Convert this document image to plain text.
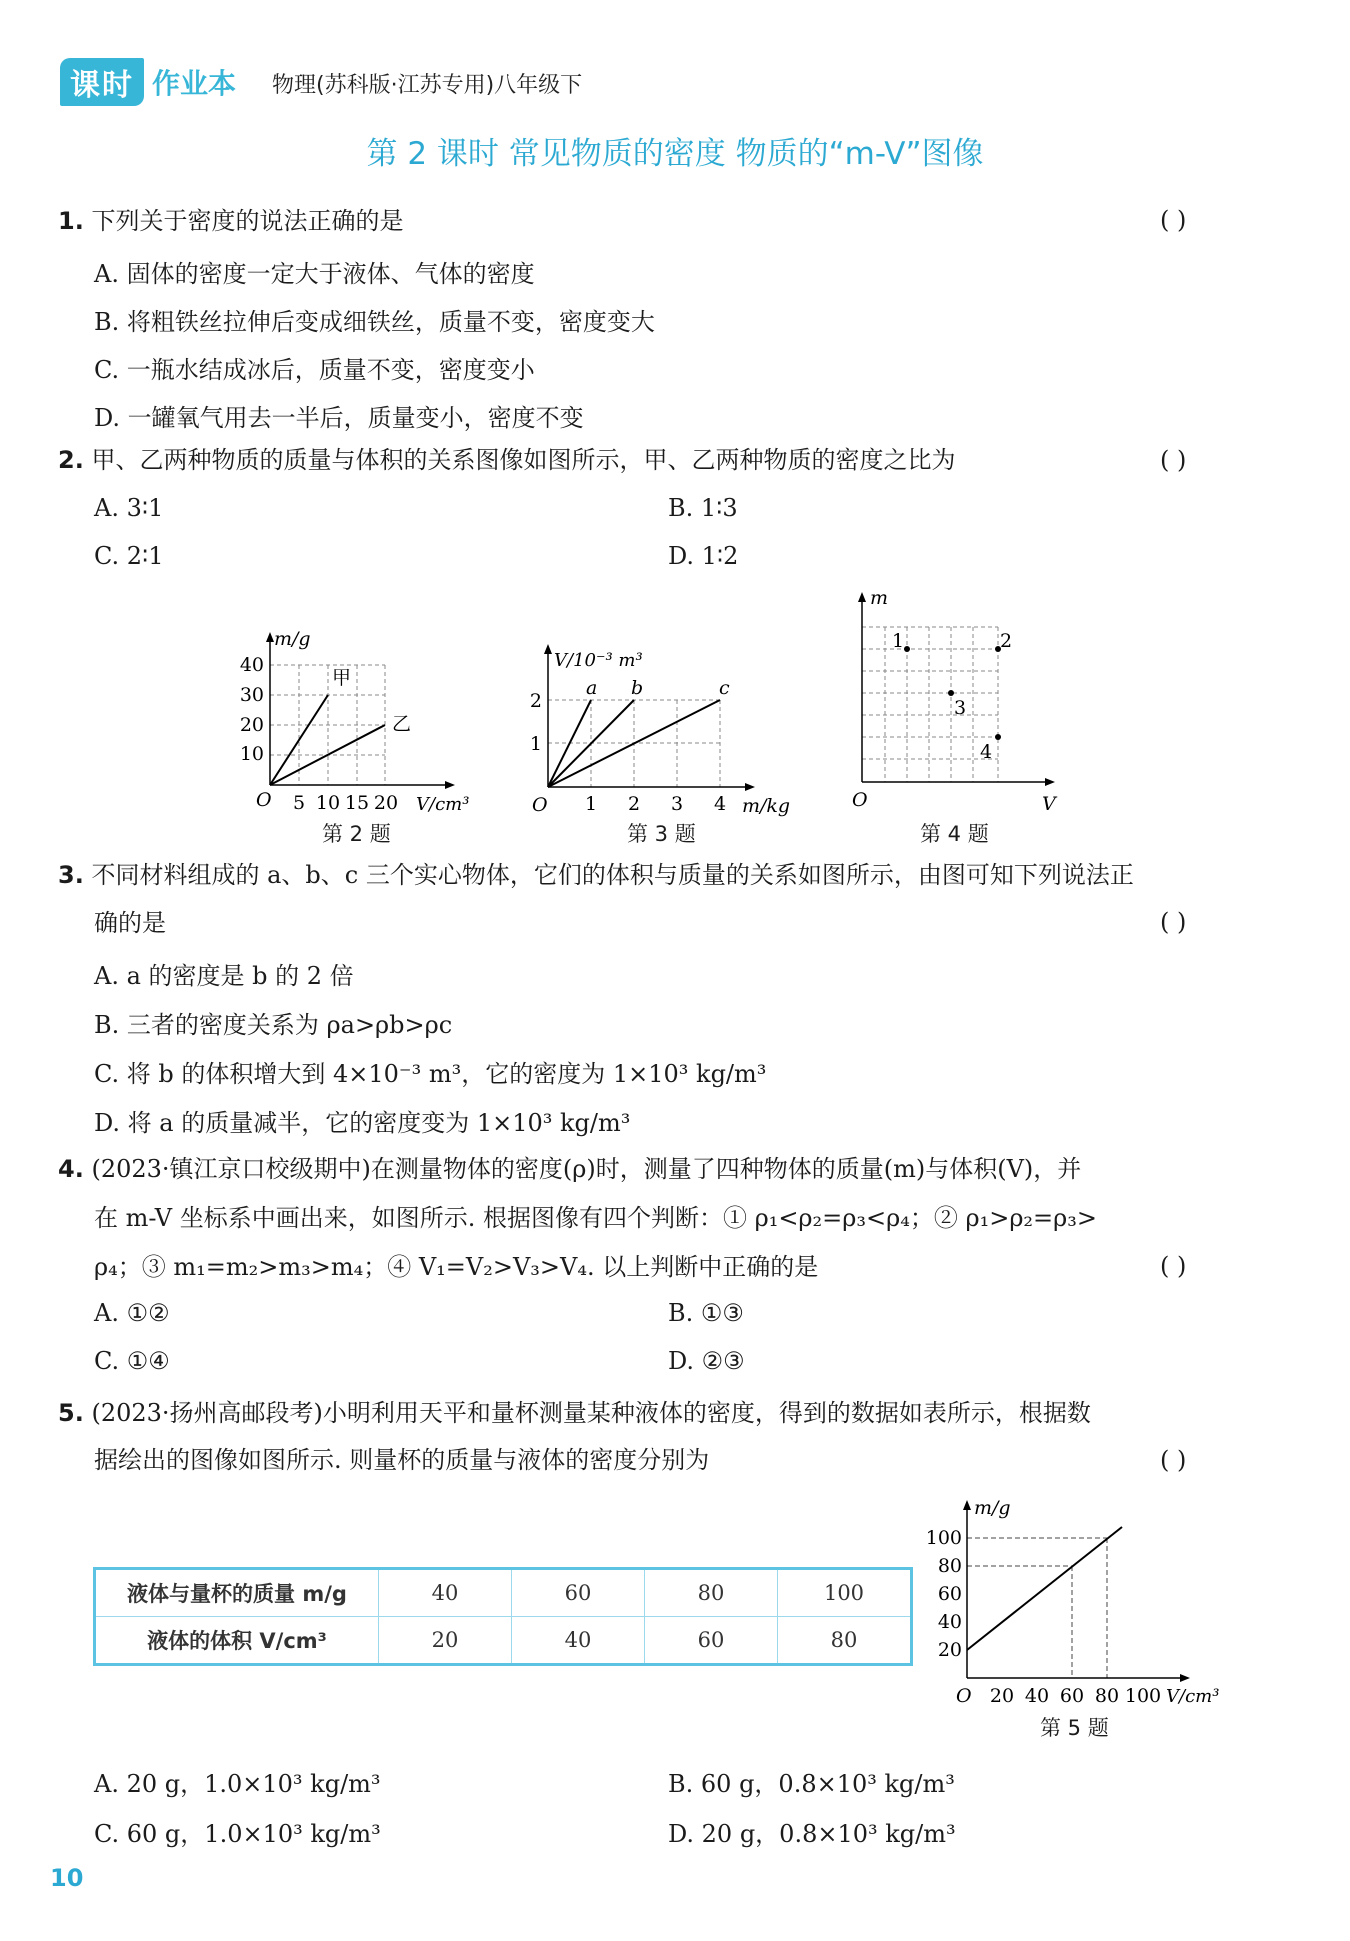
课时 作业本 物理(苏科版·江苏专用)八年级下
第 2 课时 常见物质的密度 物质的“m-V”图像
1. 下列关于密度的说法正确的是	( )
A. 固体的密度一定大于液体、气体的密度
B. 将粗铁丝拉伸后变成细铁丝，质量不变，密度变大
C. 一瓶水结成冰后，质量不变，密度变小
D. 一罐氧气用去一半后，质量变小，密度不变
2. 甲、乙两种物质的质量与体积的关系图像如图所示，甲、乙两种物质的密度之比为	( )
A. 3∶1	B. 1∶3
C. 2∶1	D. 1∶2
m/g
V/cm³
O
10
20
30
40
5 10 15 20
甲
乙
第 2 题
V/10⁻³ m³
m/kg
O
1
2
1 2 3 4
a b	c
第 3 题
m
V
O
1	2
3
4
第 4 题
3. 不同材料组成的 a、b、c 三个实心物体，它们的体积与质量的关系如图所示，由图可知下列说法正
确的是	( )
A. a 的密度是 b 的 2 倍
B. 三者的密度关系为 ρa>ρb>ρc
C. 将 b 的体积增大到 4×10⁻³ m³，它的密度为 1×10³ kg/m³
D. 将 a 的质量减半，它的密度变为 1×10³ kg/m³
4. (2023·镇江京口校级期中)在测量物体的密度(ρ)时，测量了四种物体的质量(m)与体积(V)，并
在 m-V 坐标系中画出来，如图所示. 根据图像有四个判断：① ρ₁<ρ₂=ρ₃<ρ₄；② ρ₁>ρ₂=ρ₃>
ρ₄；③ m₁=m₂>m₃>m₄；④ V₁=V₂>V₃>V₄. 以上判断中正确的是	( )
A. ①②	B. ①③
C. ①④	D. ②③
5. (2023·扬州高邮段考)小明利用天平和量杯测量某种液体的密度，得到的数据如表所示，根据数
据绘出的图像如图所示. 则量杯的质量与液体的密度分别为	( )
液体与量杯的质量 m/g	40	60	80	100
液体的体积 V/cm³	20	40	60	80
m/g
V/cm³
O
20
40
60
80
100
20 40 60 80 100
第 5 题
A. 20 g，1.0×10³ kg/m³	B. 60 g，0.8×10³ kg/m³
C. 60 g，1.0×10³ kg/m³	D. 20 g，0.8×10³ kg/m³
10
